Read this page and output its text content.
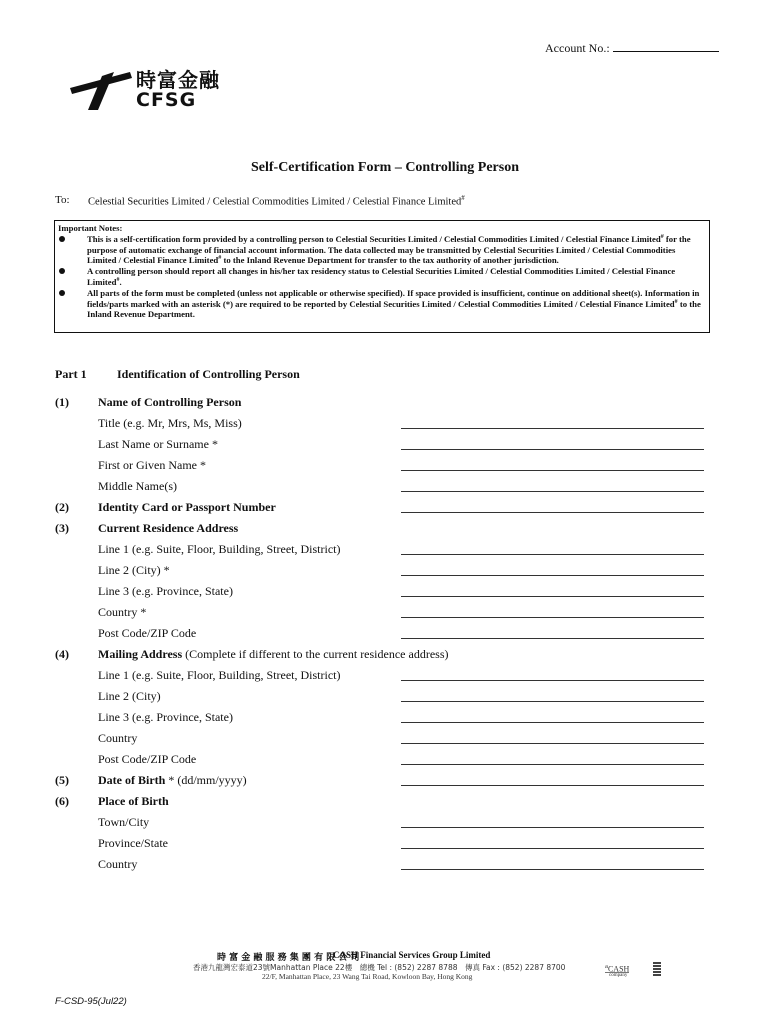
Account No.:
時富金融
CFSG
Self-Certification Form – Controlling Person
To: Celestial Securities Limited / Celestial Commodities Limited / Celestial Finance Limited#
Important Notes:
This is a self-certification form provided by a controlling person to Celestial Securities Limited / Celestial Commodities Limited / Celestial Finance Limited# for the purpose of automatic exchange of financial account information. The data collected may be transmitted by Celestial Securities Limited / Celestial Commodities Limited / Celestial Finance Limited# to the Inland Revenue Department for transfer to the tax authority of another jurisdiction.
A controlling person should report all changes in his/her tax residency status to Celestial Securities Limited / Celestial Commodities Limited / Celestial Finance Limited#.
All parts of the form must be completed (unless not applicable or otherwise specified). If space provided is insufficient, continue on additional sheet(s). Information in fields/parts marked with an asterisk (*) are required to be reported by Celestial Securities Limited / Celestial Commodities Limited / Celestial Finance Limited# to the Inland Revenue Department.
Part 1	Identification of Controlling Person
(1) Name of Controlling Person
Title (e.g. Mr, Mrs, Ms, Miss)
Last Name or Surname *
First or Given Name *
Middle Name(s)
(2) Identity Card or Passport Number
(3) Current Residence Address
Line 1 (e.g. Suite, Floor, Building, Street, District)
Line 2 (City) *
Line 3 (e.g. Province, State)
Country *
Post Code/ZIP Code
(4) Mailing Address (Complete if different to the current residence address)
Line 1 (e.g. Suite, Floor, Building, Street, District)
Line 2 (City)
Line 3 (e.g. Province, State)
Country
Post Code/ZIP Code
(5) Date of Birth * (dd/mm/yyyy)
(6) Place of Birth
Town/City
Province/State
Country
時 富 金 融 服 務 集 團 有 限 公 司
CASH Financial Services Group Limited
香港九龍灣宏泰道23號Manhattan Place 22樓　總機 Tel : (852) 2287 8788　傳真 Fax : (852) 2287 8700
22/F, Manhattan Place, 23 Wang Tai Road, Kowloon Bay, Hong Kong
$^a$CASH
company
F-CSD-95(Jul22)
